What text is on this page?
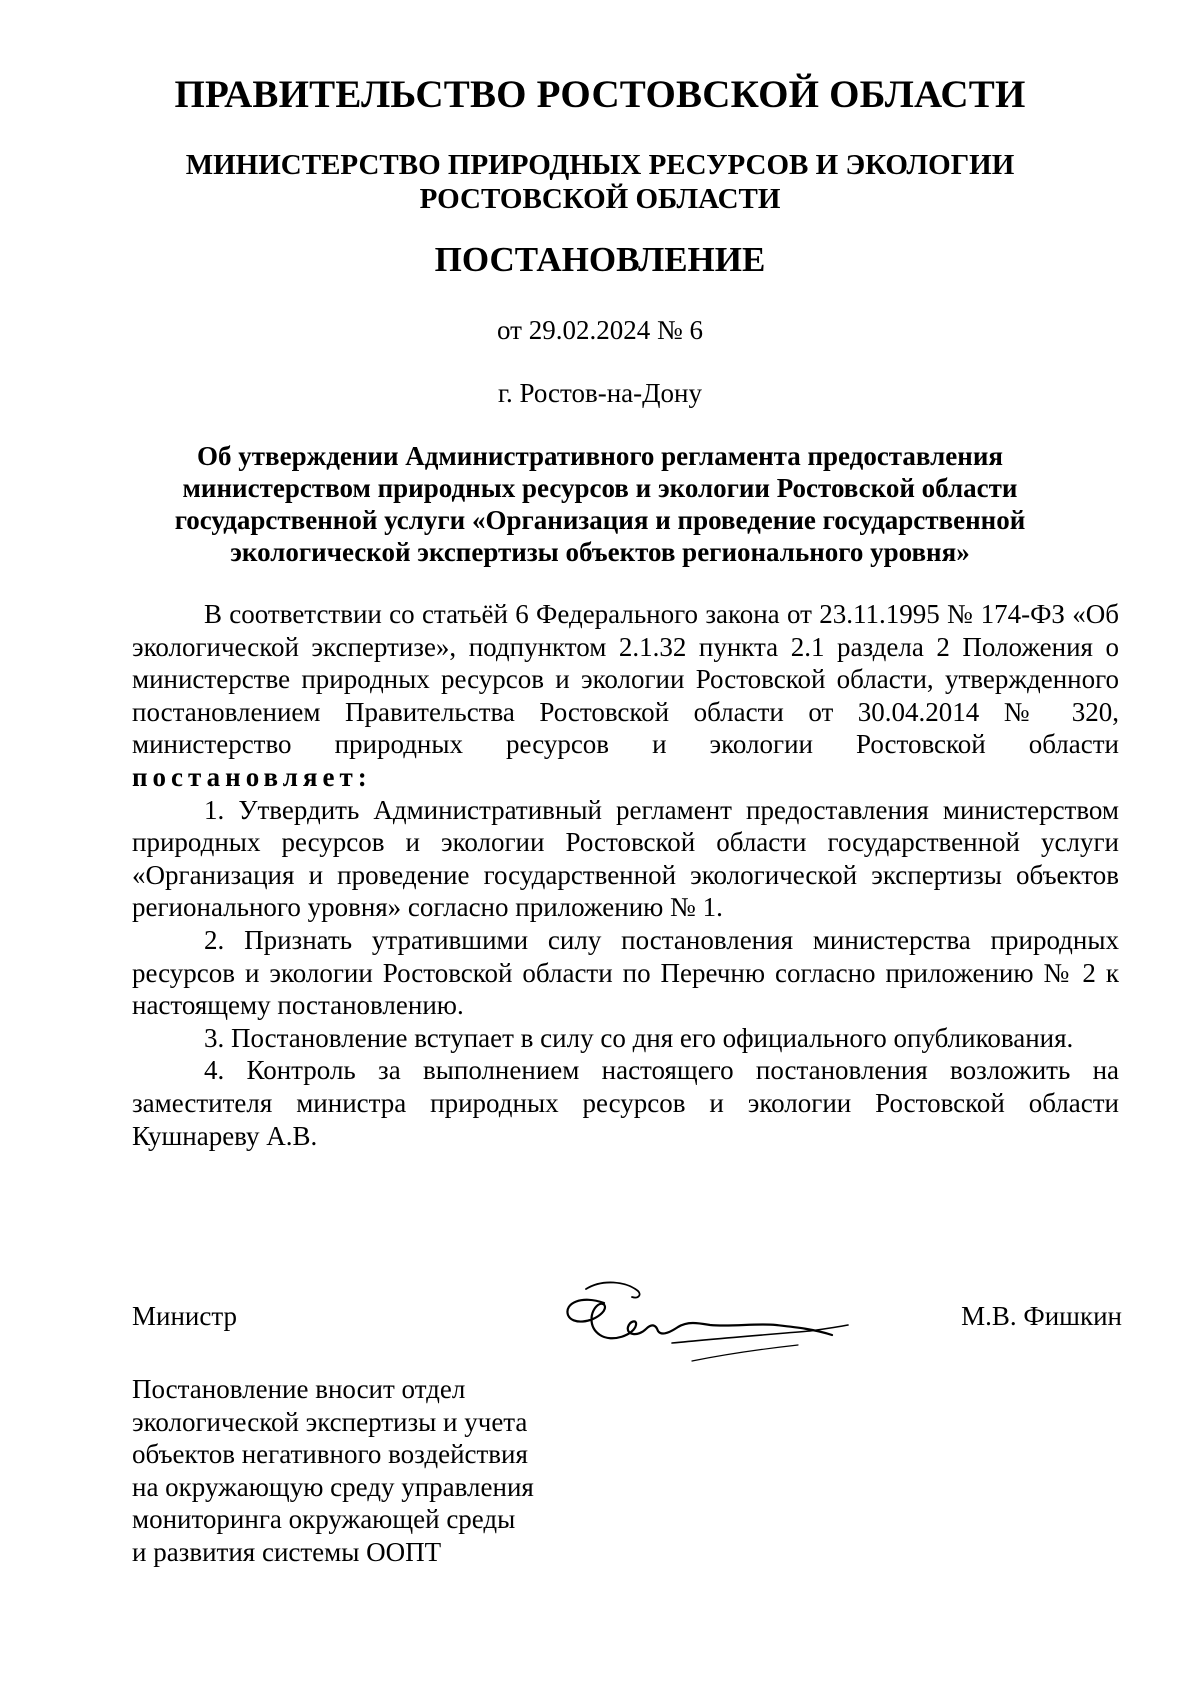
ПРАВИТЕЛЬСТВО РОСТОВСКОЙ ОБЛАСТИ
МИНИСТЕРСТВО ПРИРОДНЫХ РЕСУРСОВ И ЭКОЛОГИИ
РОСТОВСКОЙ ОБЛАСТИ
ПОСТАНОВЛЕНИЕ
от 29.02.2024 № 6
г. Ростов-на-Дону
Об утверждении Административного регламента предоставления
министерством природных ресурсов и экологии Ростовской области
государственной услуги «Организация и проведение государственной
экологической экспертизы объектов регионального уровня»

В соответствии со статьёй 6 Федерального закона от 23.11.1995 № 174-ФЗ «Об экологической экспертизе», подпунктом 2.1.32 пункта 2.1 раздела 2 Положения о министерстве природных ресурсов и экологии Ростовской области, утвержденного постановлением Правительства Ростовской области от 30.04.2014 № 320, министерство природных ресурсов и экологии Ростовской области постановляет:

1. Утвердить Административный регламент предоставления министерством природных ресурсов и экологии Ростовской области государственной услуги «Организация и проведение государственной экологической экспертизы объектов регионального уровня» согласно приложению № 1.

2. Признать утратившими силу постановления министерства природных ресурсов и экологии Ростовской области по Перечню согласно приложению № 2 к настоящему постановлению.

3. Постановление вступает в силу со дня его официального опубликования.

4. Контроль за выполнением настоящего постановления возложить на заместителя министра природных ресурсов и экологии Ростовской области Кушнареву А.В.

Министр	М.В. Фишкин
Постановление вносит отдел
экологической экспертизы и учета
объектов негативного воздействия
на окружающую среду управления
мониторинга окружающей среды
и развития системы ООПТ
